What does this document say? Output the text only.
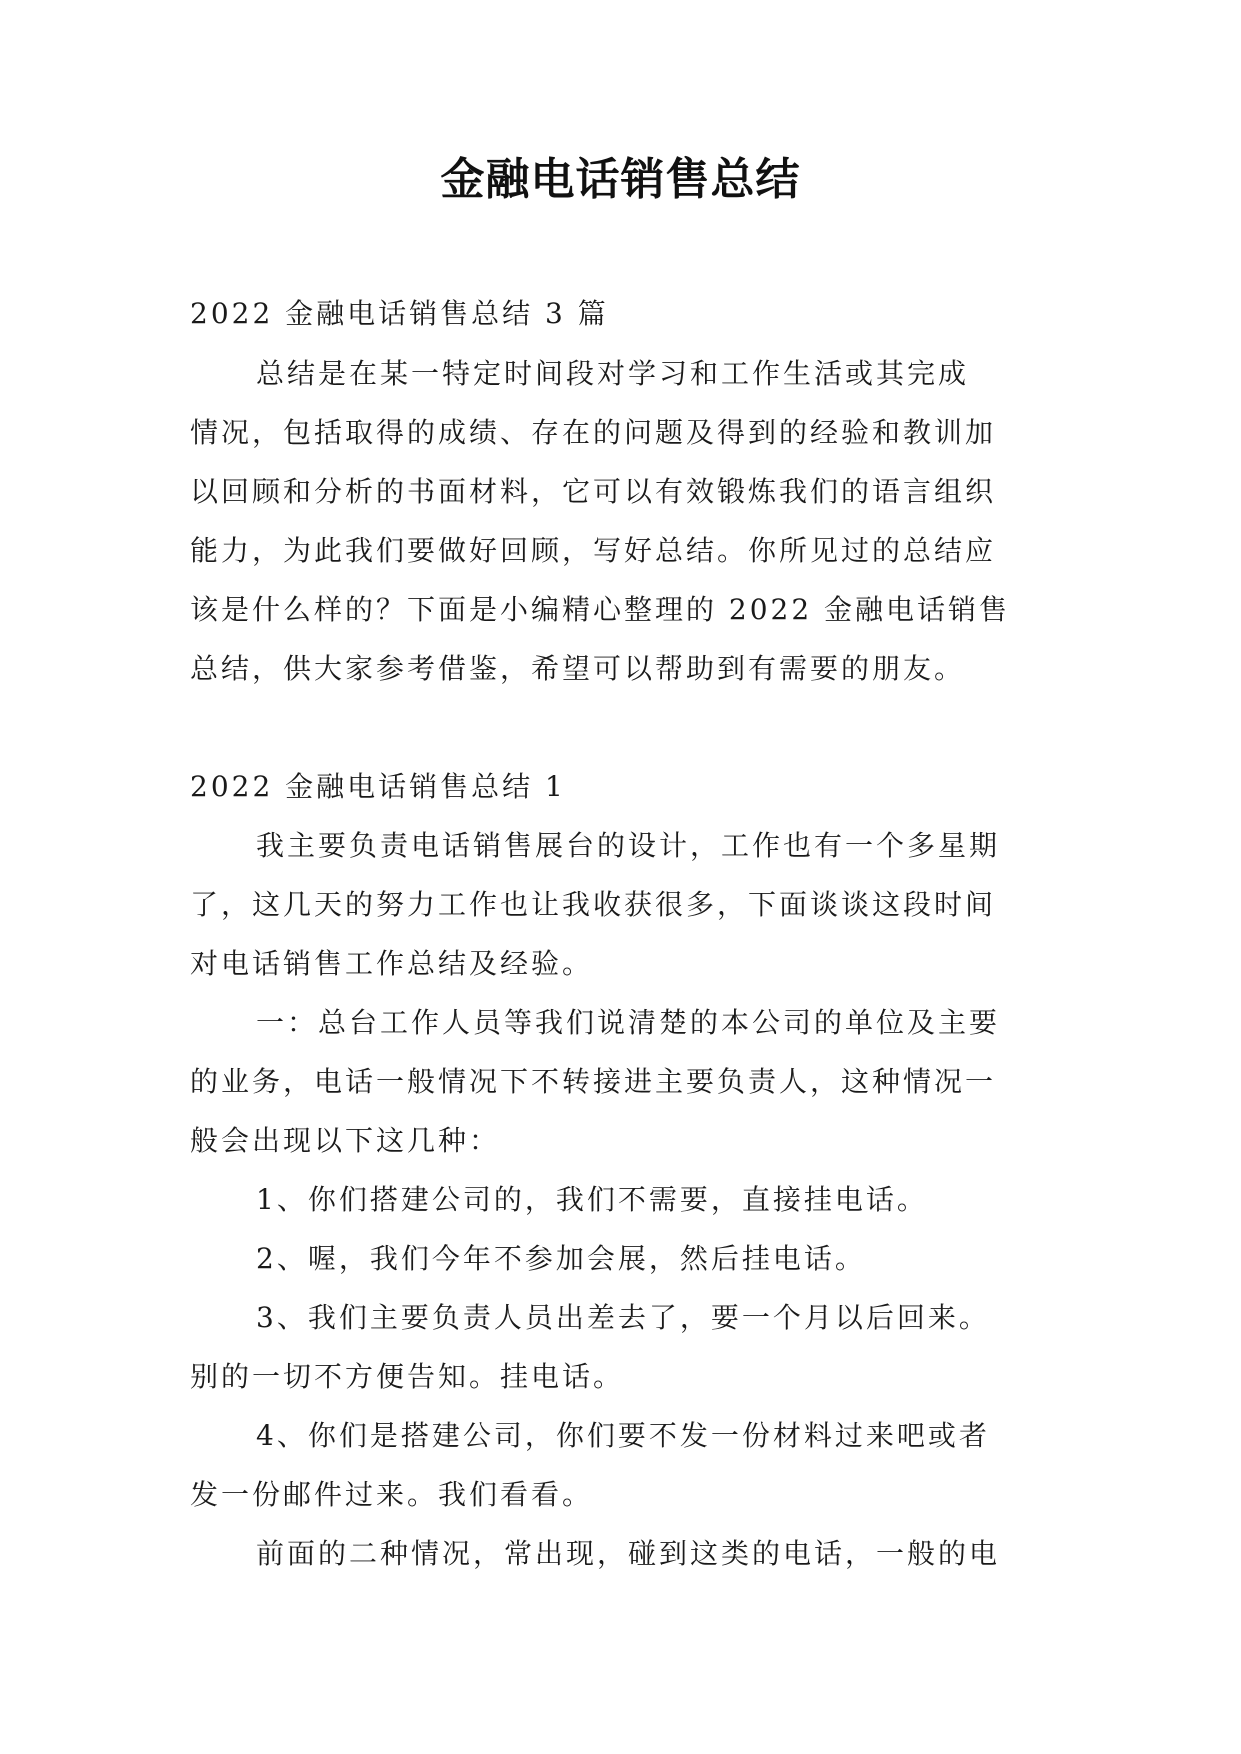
金融电话销售总结

2022 金融电话销售总结 3 篇

总结是在某一特定时间段对学习和工作生活或其完成

情况，包括取得的成绩、存在的问题及得到的经验和教训加

以回顾和分析的书面材料，它可以有效锻炼我们的语言组织

能力，为此我们要做好回顾，写好总结。你所见过的总结应

该是什么样的？下面是小编精心整理的 2022 金融电话销售

总结，供大家参考借鉴，希望可以帮助到有需要的朋友。

2022 金融电话销售总结 1

我主要负责电话销售展台的设计，工作也有一个多星期

了，这几天的努力工作也让我收获很多，下面谈谈这段时间

对电话销售工作总结及经验。

一：总台工作人员等我们说清楚的本公司的单位及主要

的业务，电话一般情况下不转接进主要负责人，这种情况一

般会出现以下这几种：

1、你们搭建公司的，我们不需要，直接挂电话。

2、喔，我们今年不参加会展，然后挂电话。

3、我们主要负责人员出差去了，要一个月以后回来。

别的一切不方便告知。挂电话。

4、你们是搭建公司，你们要不发一份材料过来吧或者

发一份邮件过来。我们看看。

前面的二种情况，常出现，碰到这类的电话，一般的电
